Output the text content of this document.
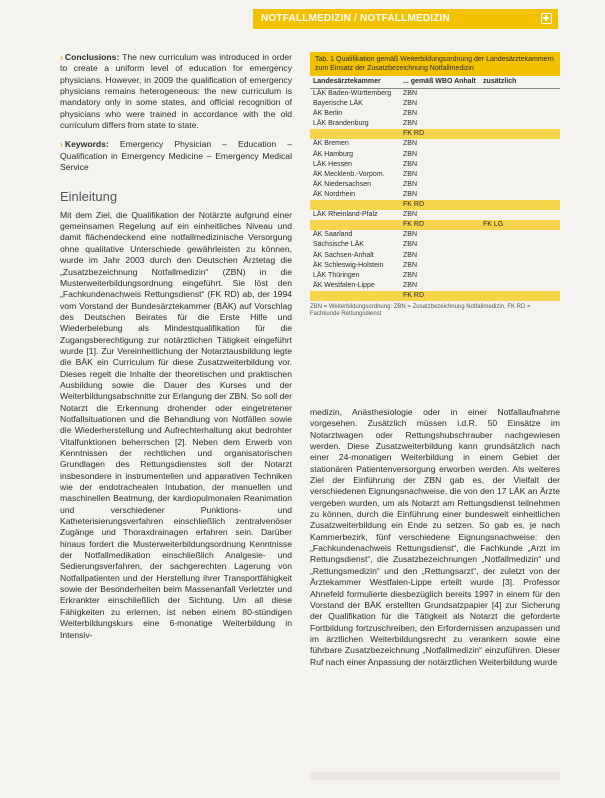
NOTFALLMEDIZIN / NOTFALLMEDIZIN

› Conclusions: The new curriculum was introduced in order to create a uniform level of education for emergency physicians. However, in 2009 the qualification of emergency physicians remains heterogeneous: the new curriculum is mandatory only in some states, and official recognition of physicians who were trained in accordance with the old curriculum differs from state to state.

› Keywords: Emergency Physician – Education – Qualification in Emergency Medicine – Emergency Medical Service

Einleitung

Mit dem Ziel, die Qualifikation der Notärzte aufgrund einer gemeinsamen Regelung auf ein einheitliches Niveau und damit flächendeckend eine notfallmedizinische Versorgung ohne qualitative Unterschiede gewährleisten zu können, wurde im Jahr 2003 durch den Deutschen Ärztetag die „Zusatzbezeichnung Notfallmedizin“ (ZBN) in die Musterweiterbildungsordnung eingeführt. Sie löst den „Fachkundenachweis Rettungsdienst“ (FK RD) ab, der 1994 vom Vorstand der Bundesärztekammer (BÄK) auf Vorschlag des Deutschen Beirates für die Erste Hilfe und Wiederbelebung als Mindestqualifikation für die Zugangsberechtigung zur notärztlichen Tätigkeit eingeführt wurde [1]. Zur Vereinheitlichung der Notarztausbildung legte die BÄK ein Curriculum für diese Zusatzweiterbildung vor. Dieses regelt die Inhalte der theoretischen und praktischen Ausbildung sowie die Dauer des Kurses und der Weiterbildungsabschnitte zur Erlangung der ZBN. So soll der Notarzt die Erkennung drohender oder eingetretener Notfallsituationen und die Behandlung von Notfällen sowie die Wiederherstellung und Aufrechterhaltung akut bedrohter Vitalfunktionen beherrschen [2]. Neben dem Erwerb von Kenntnissen der rechtlichen und organisatorischen Grundlagen des Rettungsdienstes soll der Notarzt insbesondere in instrumentellen und apparativen Techniken wie der endotrachealen Intubation, der manuellen und maschinellen Beatmung, der kardiopulmonalen Reanimation und verschiedener Punktions- und Katheterisierungsverfahren einschließlich zentralvenöser Zugänge und Thoraxdrainagen erfahren sein. Darüber hinaus fordert die Musterweiterbildungsordnung Kenntnisse der Notfallmedikation einschließlich Analgesie- und Sedierungsverfahren, der sachgerechten Lagerung von Notfallpatienten und der Herstellung ihrer Transportfähigkeit sowie der Besonderheiten beim Massenanfall Verletzter und Erkrankter einschließlich der Sichtung. Um all diese Fähigkeiten zu erlernen, ist neben einem 80-stündigen Weiterbildungskurs eine 6-monatige Weiterbildung in Intensiv-

Tab. 1 Qualifikation gemäß Weiterbildungsordnung der Landesärztekammern zum Einsatz der Zusatzbezeichnung Notfallmedizin
Landesärztekammer	... gemäß WBO Anhalt	zusätzlich
LÄK Baden-Württemberg	ZBN	
Bayerische LÄK	ZBN	
ÄK Berlin	ZBN	
LÄK Brandenburg	ZBN	
	FK RD	
ÄK Bremen	ZBN	
ÄK Hamburg	ZBN	
LÄK Hessen	ZBN	
ÄK Mecklenb.-Vorpom.	ZBN	
ÄK Niedersachsen	ZBN	
ÄK Nordrhein	ZBN	
	FK RD	
LÄK Rheinland-Pfalz	ZBN	
	FK RD	FK LG
ÄK Saarland	ZBN	
Sächsische LÄK	ZBN	
ÄK Sachsen-Anhalt	ZBN	
ÄK Schleswig-Holstein	ZBN	
LÄK Thüringen	ZBN	
ÄK Westfalen-Lippe	ZBN	
	FK RD	
ZBN = Weiterbildungsordnung: ZBN = Zusatzbezeichnung Notfallmedizin, FK RD = Fachkunde Rettungsdienst

medizin, Anästhesiologie oder in einer Notfallaufnahme vorgesehen. Zusätzlich müssen i.d.R. 50 Einsätze im Notarztwagen oder Rettungshubschrauber nachgewiesen werden. Diese Zusatzweiterbildung kann grundsätzlich nach einer 24-monatigen Weiterbildung in einem Gebiet der stationären Patientenversorgung erworben werden. Als weiteres Ziel der Einführung der ZBN gab es, der Vielfalt der verschiedenen Eignungsnachweise, die von den 17 LÄK an Ärzte vergeben wurden, um als Notarzt am Rettungsdienst teilnehmen zu können, durch die Einführung einer bundesweit einheitlichen Zusatzweiterbildung ein Ende zu setzen. So gab es, je nach Kammerbezirk, fünf verschiedene Eignungsnachweise: den „Fachkundenachweis Rettungsdienst“, die Fachkunde „Arzt im Rettungsdienst“, die Zusatzbezeichnungen „Notfallmedizin“ und „Rettungsmedizin“ und den „Rettungsarzt“, der zuletzt von der Ärztekammer Westfalen-Lippe erteilt wurde [3]. Professor Ahnefeld formulierte diesbezüglich bereits 1997 in einem für den Vorstand der BÄK erstellten Grundsatzpapier [4] zur Sicherung der Qualifikation für die Tätigkeit als Notarzt die geforderte Fortbildung fortzuschreiben, den Erfordernissen anzupassen und im ärztlichen Weiterbildungsrecht zu verankern sowie eine führbare Zusatzbezeichnung „Notfallmedizin“ einzuführen. Dieser Ruf nach einer Anpassung der notärztlichen Weiterbildung wurde
